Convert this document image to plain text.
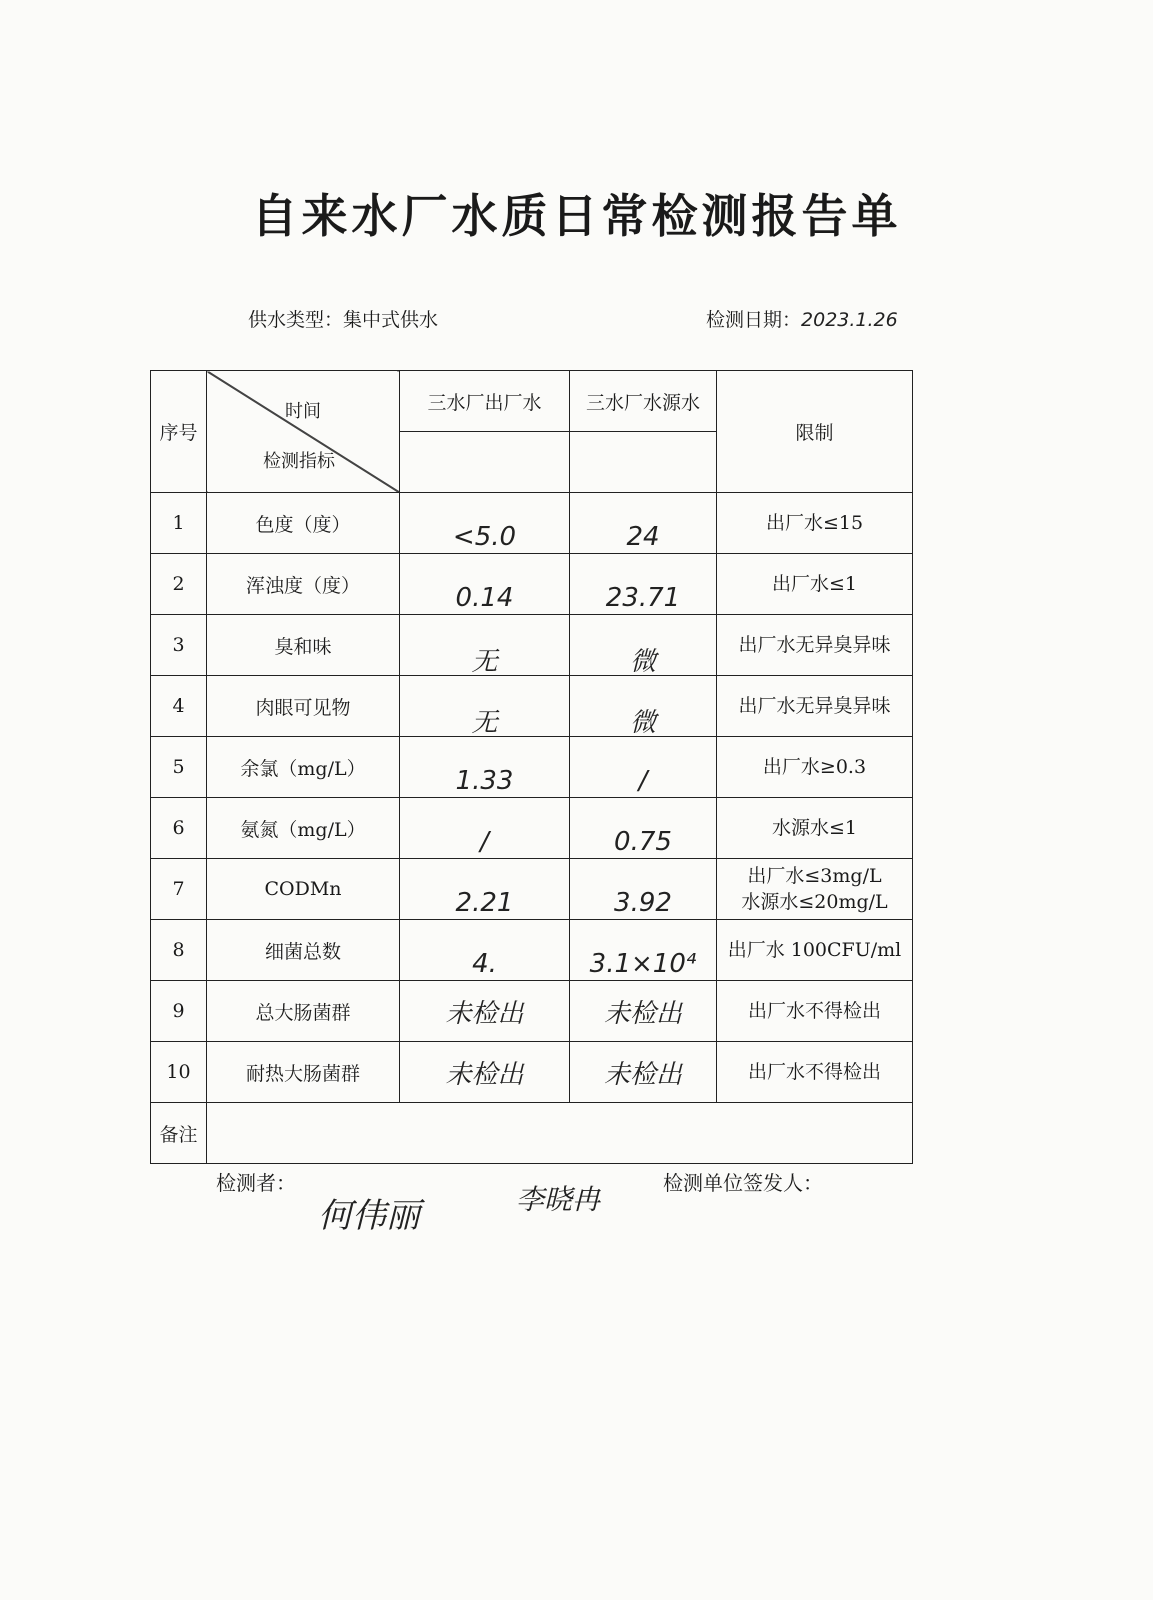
自来水厂水质日常检测报告单
供水类型：集中式供水	检测日期：2023.1.26
序号	时间
检测指标	三水厂出厂水	三水厂水源水	限制

1	色度（度）	<5.0	24	出厂水≤15

2	浑浊度（度）	0.14	23.71	出厂水≤1

3	臭和味	无	微	出厂水无异臭异味

4	肉眼可见物	无	微	出厂水无异臭异味

5	余氯（mg/L）	1.33	/	出厂水≥0.3

6	氨氮（mg/L）	/	0.75	水源水≤1

7	CODMn	2.21	3.92	出厂水≤3mg/L
水源水≤20mg/L

8	细菌总数	4.	3.1×10⁴	出厂水 100CFU/ml

9	总大肠菌群	未检出	未检出	出厂水不得检出

10	耐热大肠菌群	未检出	未检出	出厂水不得检出

备注				
检测者：	检测单位签发人：
何伟丽	李晓冉
